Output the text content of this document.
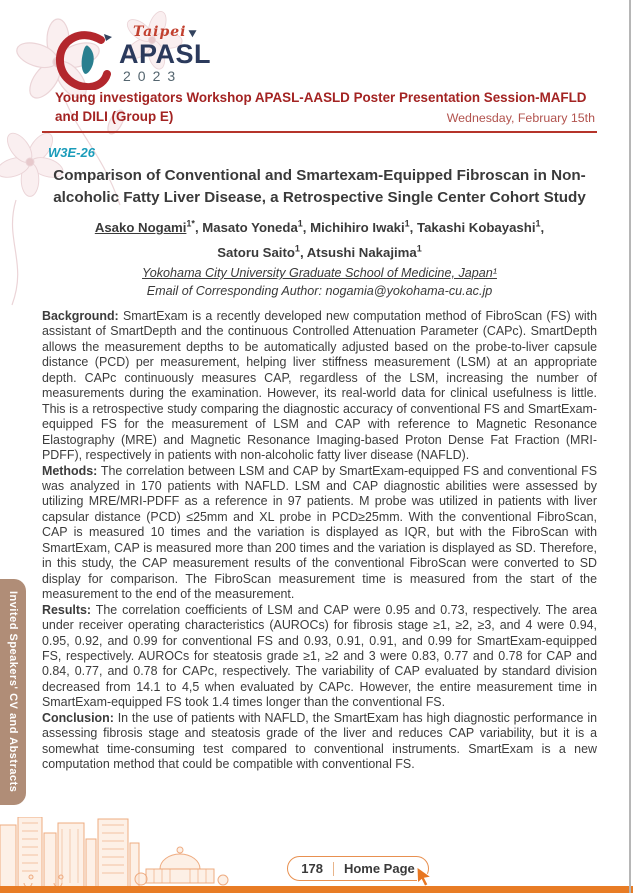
Taipei
APASL
2023
Young investigators Workshop APASL-AASLD Poster Presentation Session-MAFLD
and DILI (Group E)	Wednesday, February 15th
W3E-26
Comparison of Conventional and Smartexam-Equipped Fibroscan in Non-alcoholic Fatty Liver Disease, a Retrospective Single Center Cohort Study
Asako Nogami$^{1*}$, Masato Yoneda$^1$, Michihiro Iwaki$^1$, Takashi Kobayashi$^1$,
Satoru Saito$^1$, Atsushi Nakajima$^1$
Yokohama City University Graduate School of Medicine, Japan¹
Email of Corresponding Author: nogamia@yokohama-cu.ac.jp

Background: SmartExam is a recently developed new computation method of FibroScan (FS) with assistant of SmartDepth and the continuous Controlled Attenuation Parameter (CAPc). SmartDepth allows the measurement depths to be automatically adjusted based on the probe-to-liver capsule distance (PCD) per measurement, helping liver stiffness measurement (LSM) at an appropriate depth. CAPc continuously measures CAP, regardless of the LSM, increasing the number of measurements during the examination. However, its real-world data for clinical usefulness is little. This is a retrospective study comparing the diagnostic accuracy of conventional FS and SmartExam-equipped FS for the measurement of LSM and CAP with reference to Magnetic Resonance Elastography (MRE) and Magnetic Resonance Imaging-based Proton Dense Fat Fraction (MRI-PDFF), respectively in patients with non-alcoholic fatty liver disease (NAFLD).

Methods: The correlation between LSM and CAP by SmartExam-equipped FS and conventional FS was analyzed in 170 patients with NAFLD. LSM and CAP diagnostic abilities were assessed by utilizing MRE/MRI-PDFF as a reference in 97 patients. M probe was utilized in patients with liver capsular distance (PCD) ≤25mm and XL probe in PCD≥25mm. With the conventional FibroScan, CAP is measured 10 times and the variation is displayed as IQR, but with the FibroScan with SmartExam, CAP is measured more than 200 times and the variation is displayed as SD. Therefore, in this study, the CAP measurement results of the conventional FibroScan were converted to SD display for comparison. The FibroScan measurement time is measured from the start of the measurement to the end of the measurement.

Results: The correlation coefficients of LSM and CAP were 0.95 and 0.73, respectively. The area under receiver operating characteristics (AUROCs) for fibrosis stage ≥1, ≥2, ≥3, and 4 were 0.94, 0.95, 0.92, and 0.99 for conventional FS and 0.93, 0.91, 0.91, and 0.99 for SmartExam-equipped FS, respectively. AUROCs for steatosis grade ≥1, ≥2 and 3 were 0.83, 0.77 and 0.78 for CAP and 0.84, 0.77, and 0.78 for CAPc, respectively. The variability of CAP evaluated by standard division decreased from 14.1 to 4,5 when evaluated by CAPc. However, the entire measurement time in SmartExam-equipped FS took 1.4 times longer than the conventional FS.

Conclusion: In the use of patients with NAFLD, the SmartExam has high diagnostic performance in assessing fibrosis stage and steatosis grade of the liver and reduces CAP variability, but it is a somewhat time-consuming test compared to conventional instruments. SmartExam is a new computation method that could be compatible with conventional FS.

Invited Speakers' CV and Abstracts
178 Home Page
